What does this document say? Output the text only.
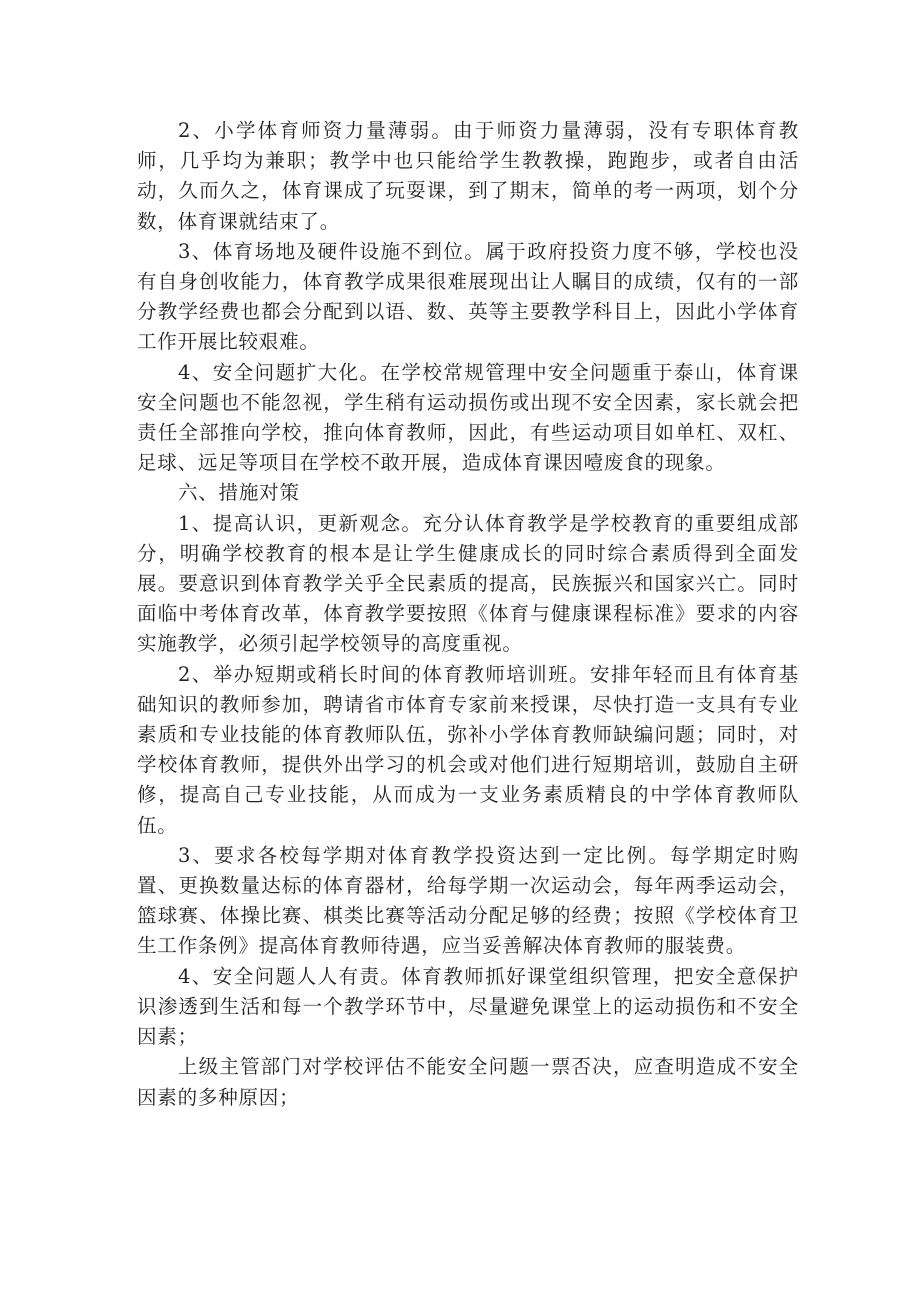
2、小学体育师资力量薄弱。由于师资力量薄弱，没有专职体育教师，几乎均为兼职；教学中也只能给学生教教操，跑跑步，或者自由活动，久而久之，体育课成了玩耍课，到了期末，简单的考一两项，划个分数，体育课就结束了。

3、体育场地及硬件设施不到位。属于政府投资力度不够，学校也没有自身创收能力，体育教学成果很难展现出让人瞩目的成绩，仅有的一部分教学经费也都会分配到以语、数、英等主要教学科目上，因此小学体育工作开展比较艰难。

4、安全问题扩大化。在学校常规管理中安全问题重于泰山，体育课安全问题也不能忽视，学生稍有运动损伤或出现不安全因素，家长就会把责任全部推向学校，推向体育教师，因此，有些运动项目如单杠、双杠、足球、远足等项目在学校不敢开展，造成体育课因噎废食的现象。

六、措施对策

1、提高认识，更新观念。充分认体育教学是学校教育的重要组成部分，明确学校教育的根本是让学生健康成长的同时综合素质得到全面发展。要意识到体育教学关乎全民素质的提高，民族振兴和国家兴亡。同时面临中考体育改革，体育教学要按照《体育与健康课程标准》要求的内容实施教学，必须引起学校领导的高度重视。

2、举办短期或稍长时间的体育教师培训班。安排年轻而且有体育基础知识的教师参加，聘请省市体育专家前来授课，尽快打造一支具有专业素质和专业技能的体育教师队伍，弥补小学体育教师缺编问题；同时，对学校体育教师，提供外出学习的机会或对他们进行短期培训，鼓励自主研修，提高自己专业技能，从而成为一支业务素质精良的中学体育教师队伍。

3、要求各校每学期对体育教学投资达到一定比例。每学期定时购置、更换数量达标的体育器材，给每学期一次运动会，每年两季运动会，篮球赛、体操比赛、棋类比赛等活动分配足够的经费；按照《学校体育卫生工作条例》提高体育教师待遇，应当妥善解决体育教师的服装费。

4、安全问题人人有责。体育教师抓好课堂组织管理，把安全意保护识渗透到生活和每一个教学环节中，尽量避免课堂上的运动损伤和不安全因素；

上级主管部门对学校评估不能安全问题一票否决，应查明造成不安全因素的多种原因；
